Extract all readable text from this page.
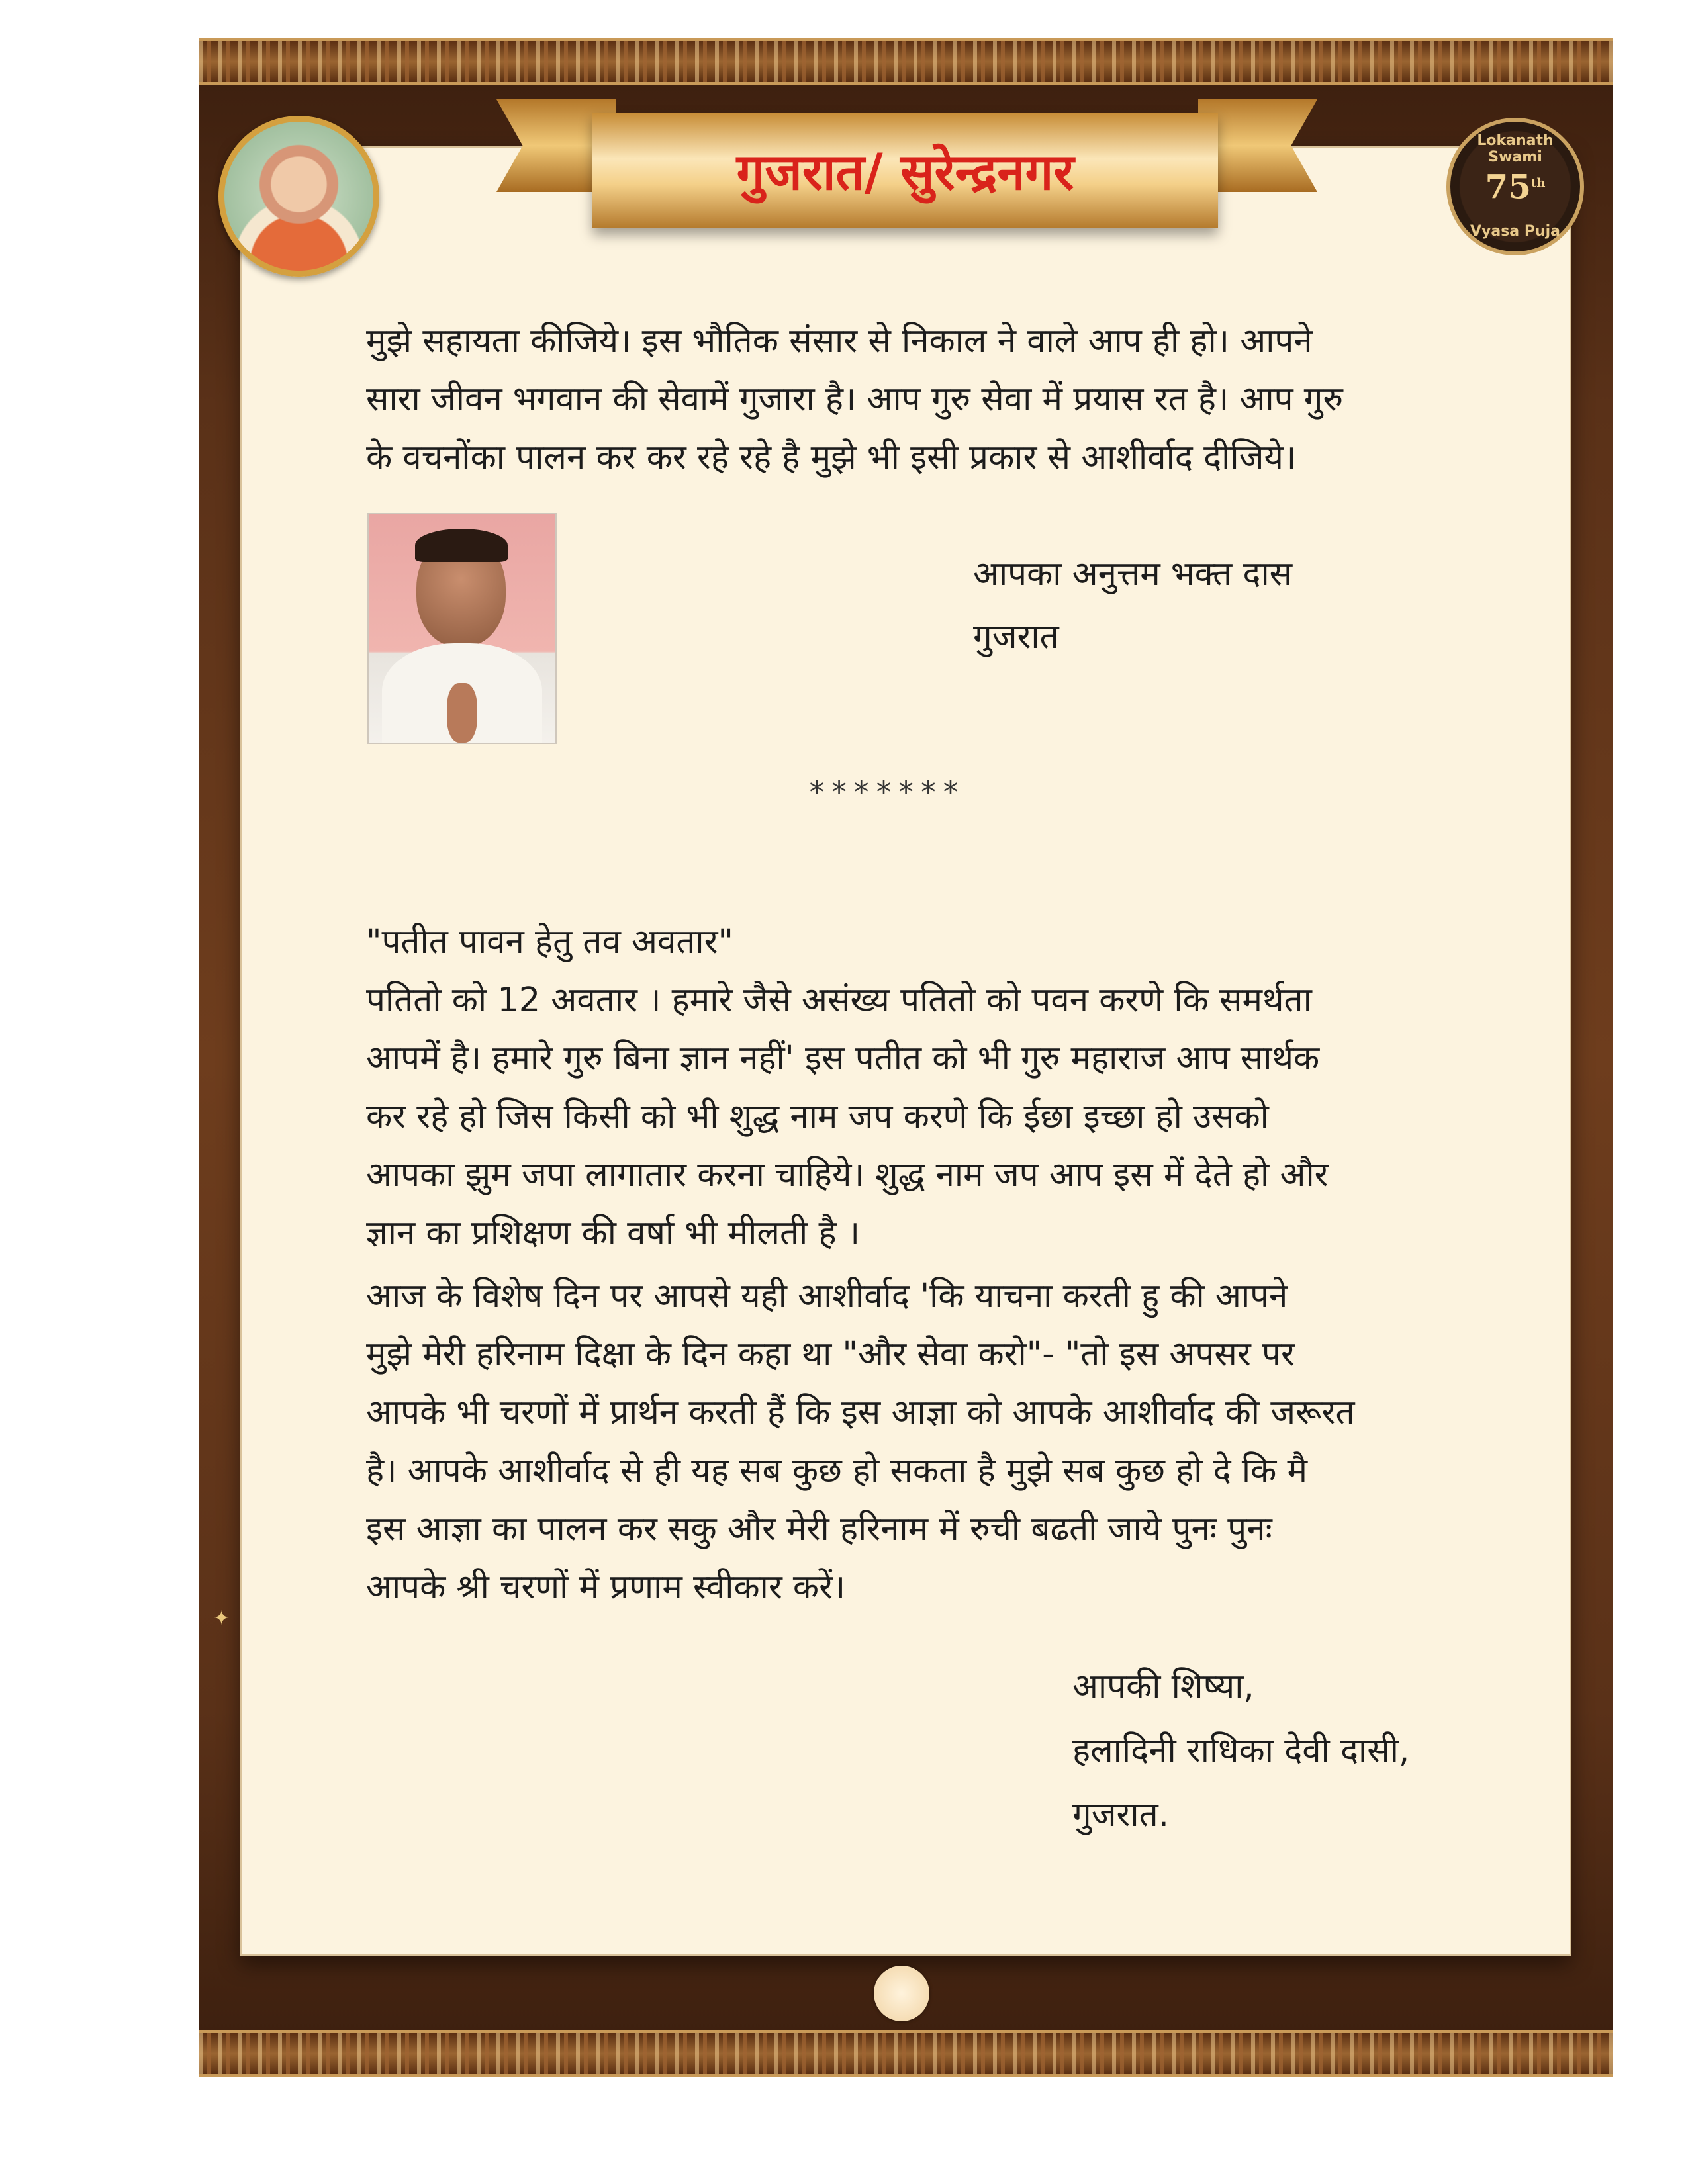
गुजरात/ सुरेन्द्रनगर
Lokanath Swami
75th
Vyasa Puja

मुझे सहायता कीजिये। इस भौतिक संसार से निकाल ने वाले आप ही हो। आपने
सारा जीवन भगवान की सेवामें गुजारा है। आप गुरु सेवा में प्रयास रत है। आप गुरु
के वचनोंका पालन कर कर रहे रहे है मुझे भी इसी प्रकार से आशीर्वाद दीजिये।

आपका अनुत्तम भक्त दास
गुजरात
*******

"पतीत पावन हेतु तव अवतार"
पतितो को 12 अवतार । हमारे जैसे असंख्य पतितो को पवन करणे कि समर्थता
आपमें है। हमारे गुरु बिना ज्ञान नहीं' इस पतीत को भी गुरु महाराज आप सार्थक
कर रहे हो जिस किसी को भी शुद्ध नाम जप करणे कि ईछा इच्छा हो उसको
आपका झुम जपा लागातार करना चाहिये। शुद्ध नाम जप आप इस में देते हो और
ज्ञान का प्रशिक्षण की वर्षा भी मीलती है ।

आज के विशेष दिन पर आपसे यही आशीर्वाद 'कि याचना करती हु की आपने
मुझे मेरी हरिनाम दिक्षा के दिन कहा था "और सेवा करो"- "तो इस अपसर पर
आपके भी चरणों में प्रार्थन करती हैं कि इस आज्ञा को आपके आशीर्वाद की जरूरत
है। आपके आशीर्वाद से ही यह सब कुछ हो सकता है मुझे सब कुछ हो दे कि मै
इस आज्ञा का पालन कर सकु और मेरी हरिनाम में रुची बढती जाये पुनः पुनः
आपके श्री चरणों में प्रणाम स्वीकार करें।

आपकी शिष्या,
हलादिनी राधिका देवी दासी,
गुजरात.
✦
